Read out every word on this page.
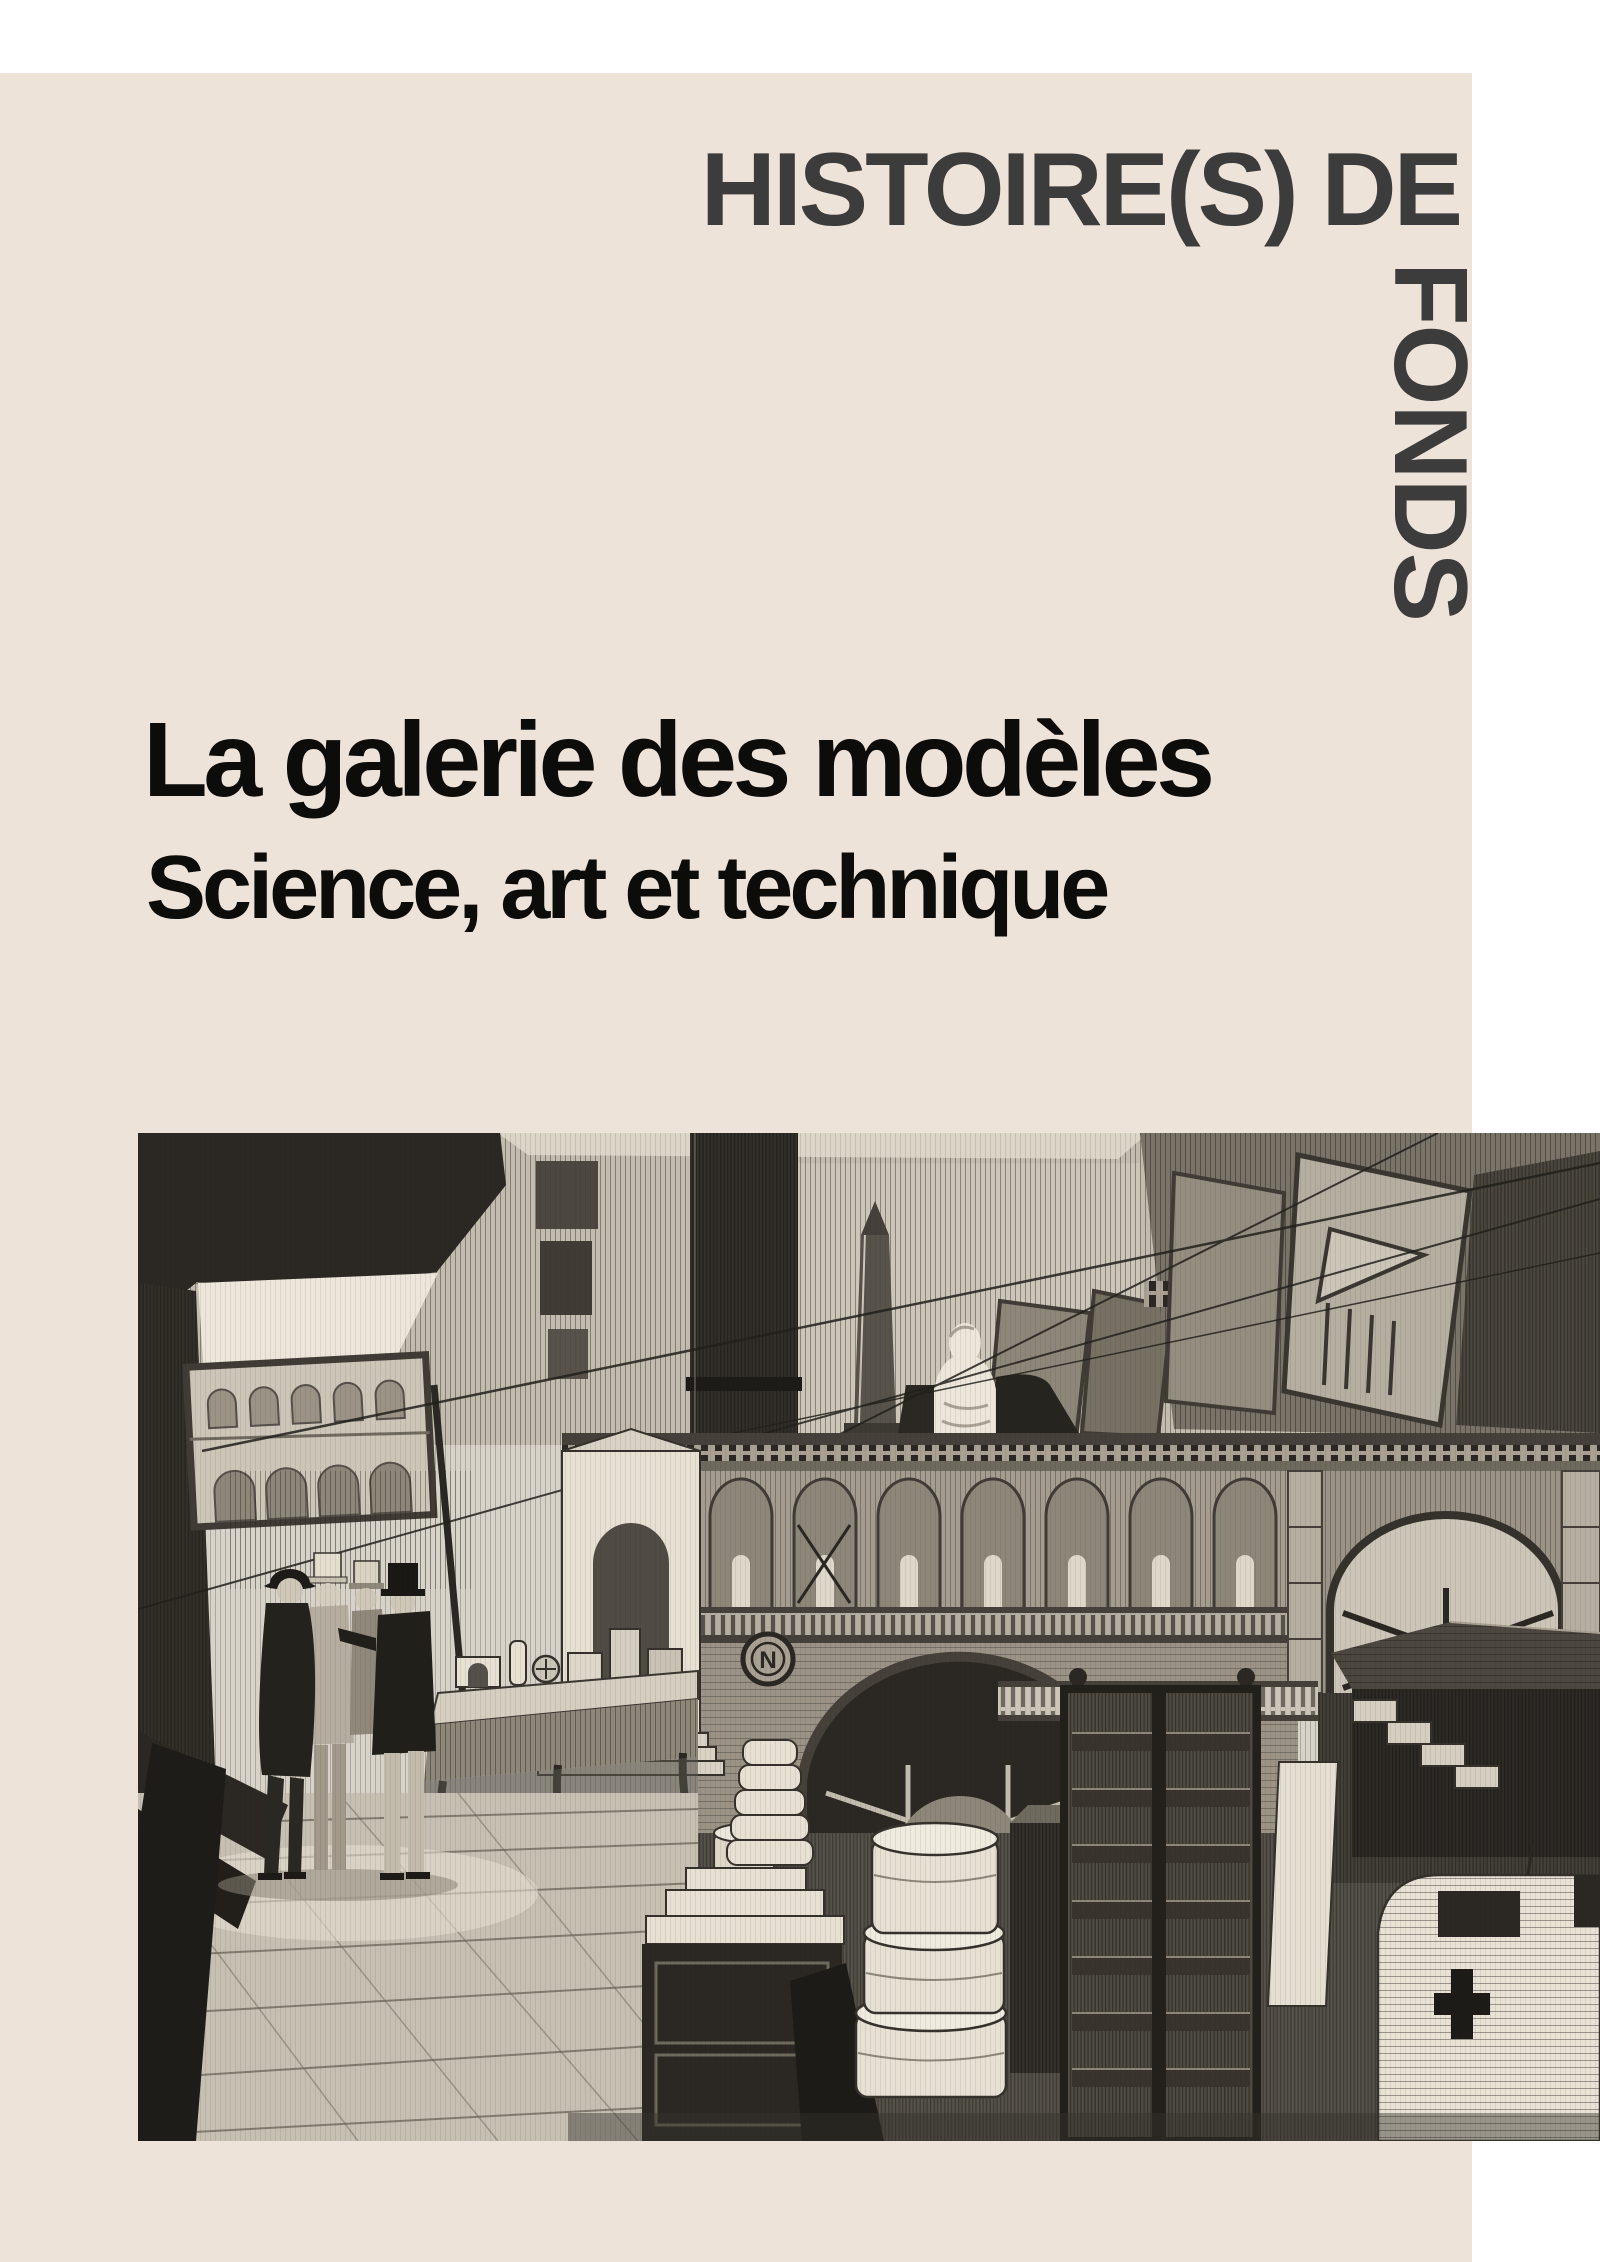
HISTOIRE(S) DE
FONDS
La galerie des modèles
Science, art et technique
N
